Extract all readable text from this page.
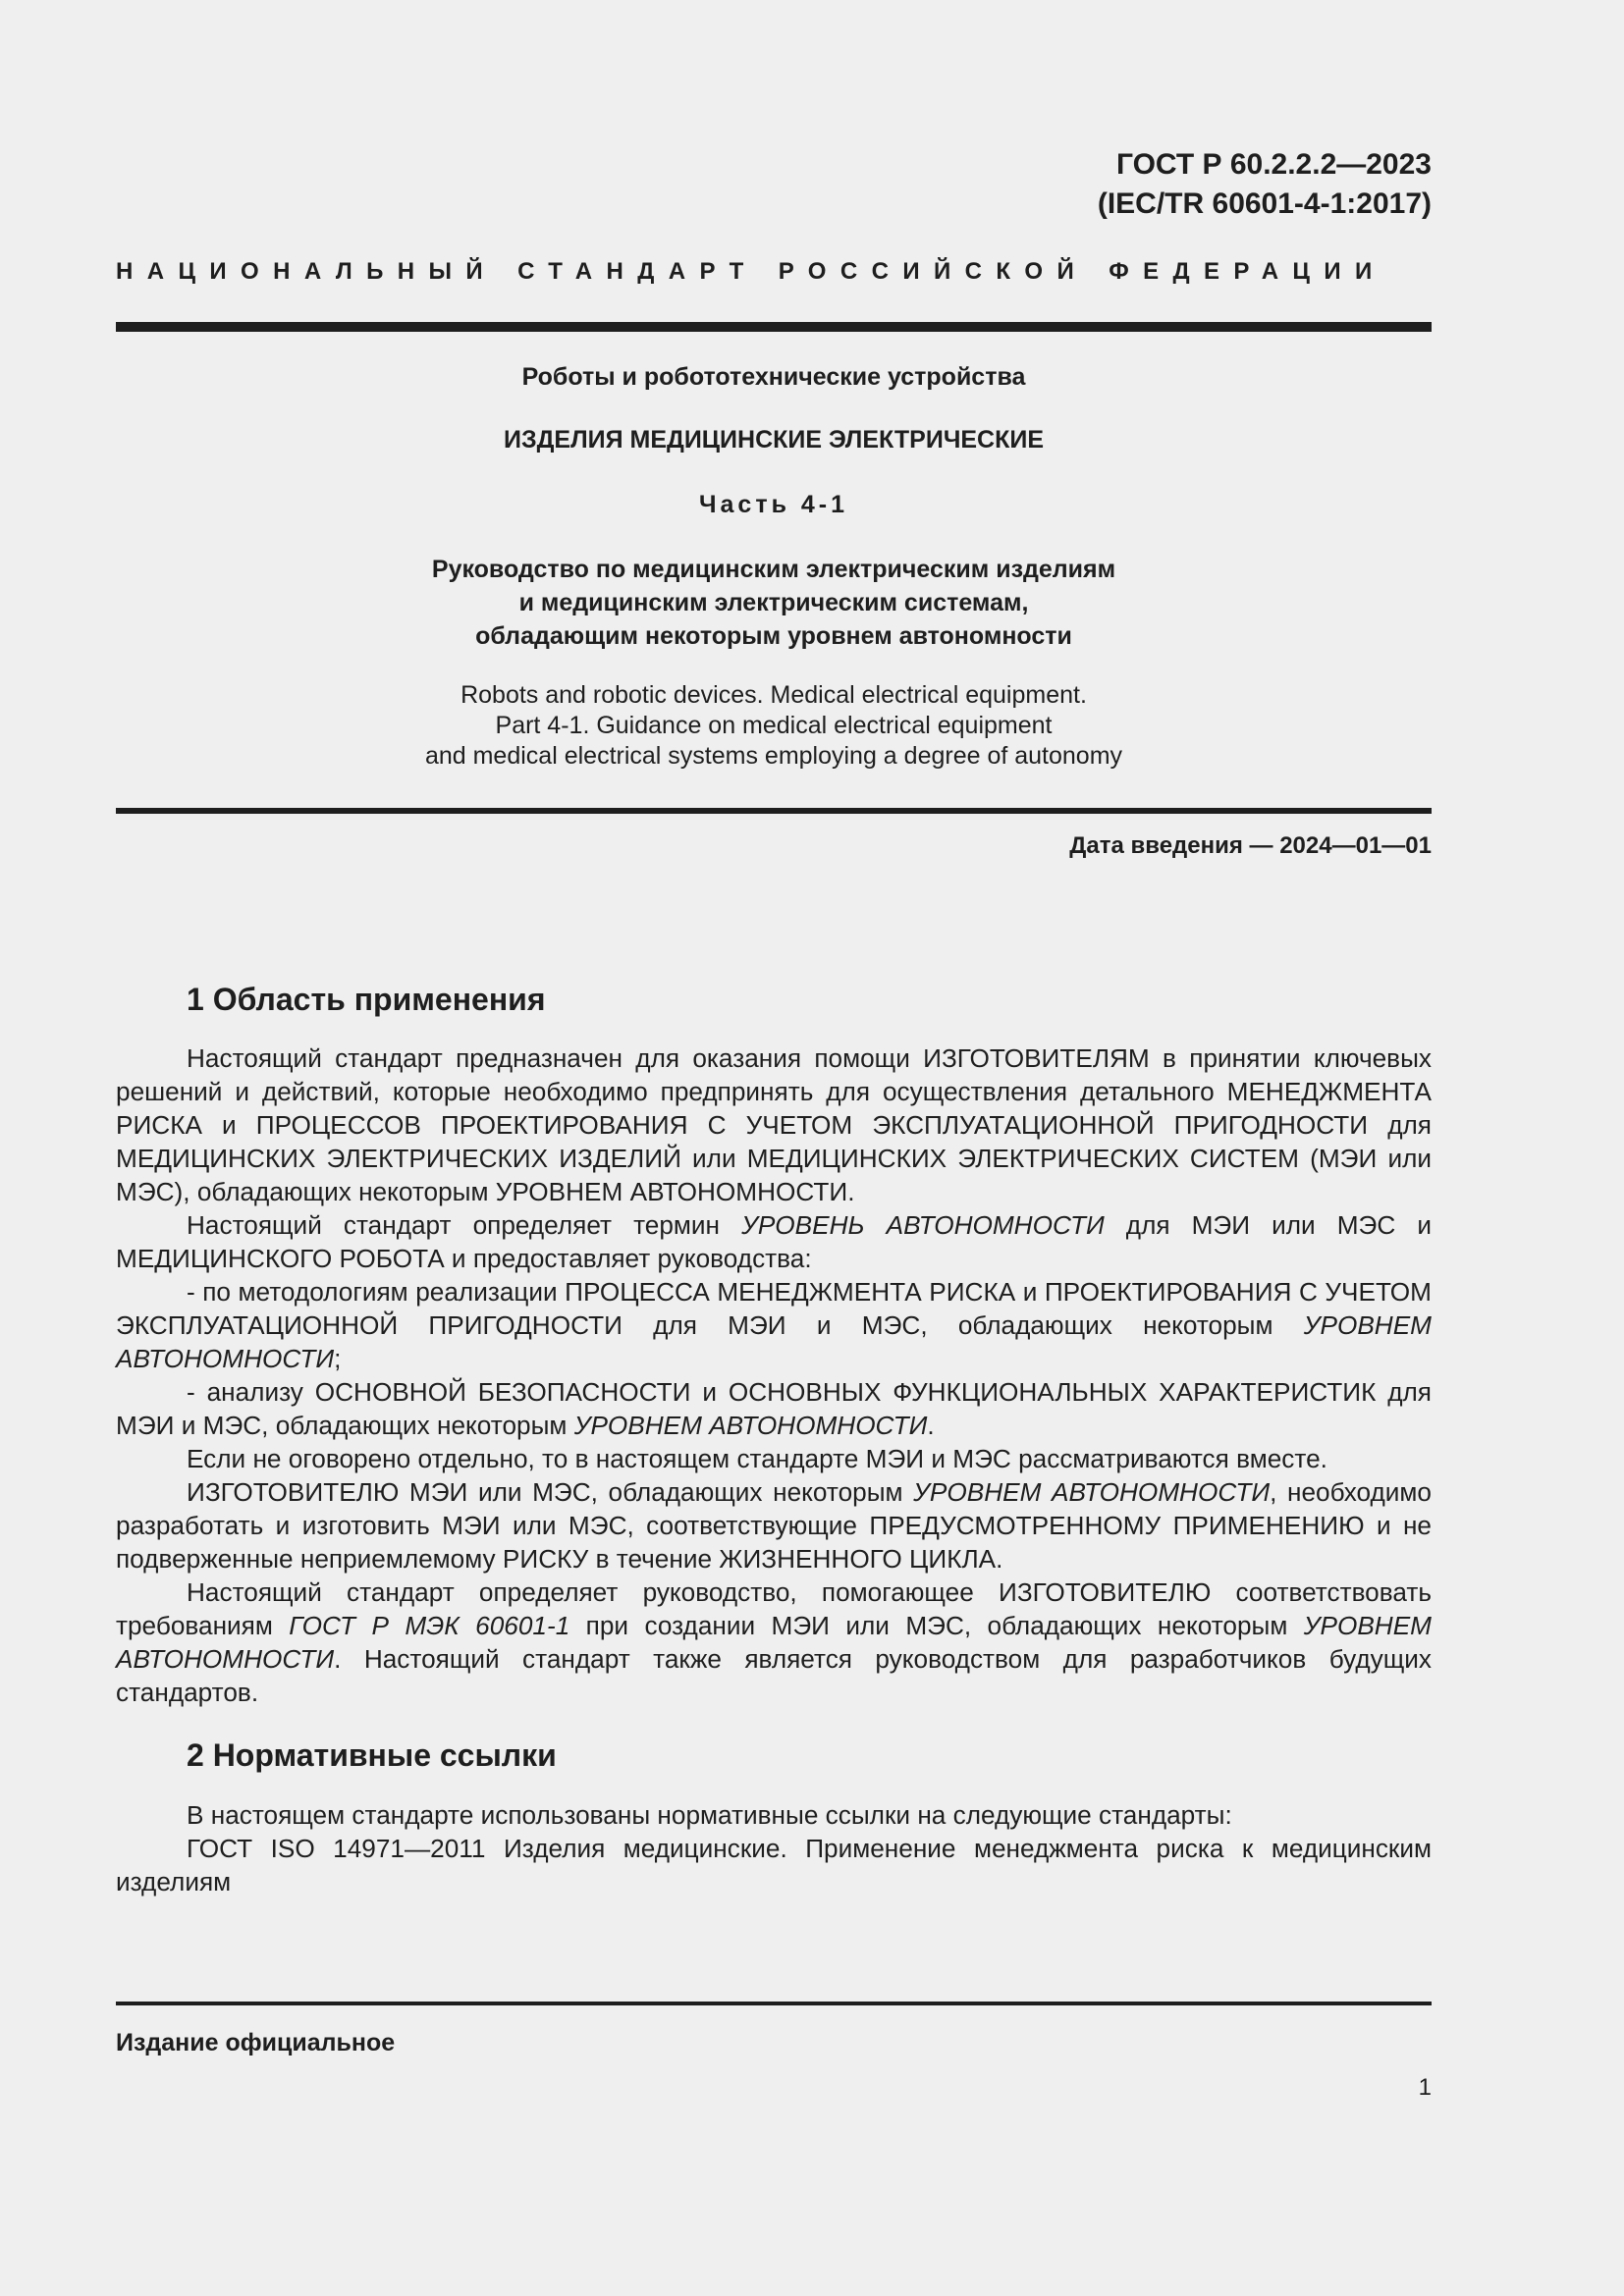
ГОСТ Р 60.2.2.2—2023
(IEC/TR 60601-4-1:2017)
НАЦИОНАЛЬНЫЙ СТАНДАРТ РОССИЙСКОЙ ФЕДЕРАЦИИ
Роботы и робототехнические устройства
ИЗДЕЛИЯ МЕДИЦИНСКИЕ ЭЛЕКТРИЧЕСКИЕ
Часть 4-1
Руководство по медицинским электрическим изделиям
и медицинским электрическим системам,
обладающим некоторым уровнем автономности
Robots and robotic devices. Medical electrical equipment.
Part 4-1. Guidance on medical electrical equipment
and medical electrical systems employing a degree of autonomy
Дата введения — 2024—01—01
1 Область применения

Настоящий стандарт предназначен для оказания помощи ИЗГОТОВИТЕЛЯМ в принятии ключевых решений и действий, которые необходимо предпринять для осуществления детального МЕНЕДЖМЕНТА РИСКА и ПРОЦЕССОВ ПРОЕКТИРОВАНИЯ С УЧЕТОМ ЭКСПЛУАТАЦИОННОЙ ПРИГОДНОСТИ для МЕДИЦИНСКИХ ЭЛЕКТРИЧЕСКИХ ИЗДЕЛИЙ или МЕДИЦИНСКИХ ЭЛЕКТРИЧЕСКИХ СИСТЕМ (МЭИ или МЭС), обладающих некоторым УРОВНЕМ АВТОНОМНОСТИ.

Настоящий стандарт определяет термин УРОВЕНЬ АВТОНОМНОСТИ для МЭИ или МЭС и МЕДИЦИНСКОГО РОБОТА и предоставляет руководства:

- по методологиям реализации ПРОЦЕССА МЕНЕДЖМЕНТА РИСКА и ПРОЕКТИРОВАНИЯ С УЧЕТОМ ЭКСПЛУАТАЦИОННОЙ ПРИГОДНОСТИ для МЭИ и МЭС, обладающих некоторым УРОВНЕМ АВТОНОМНОСТИ;

- анализу ОСНОВНОЙ БЕЗОПАСНОСТИ и ОСНОВНЫХ ФУНКЦИОНАЛЬНЫХ ХАРАКТЕРИСТИК для МЭИ и МЭС, обладающих некоторым УРОВНЕМ АВТОНОМНОСТИ.

Если не оговорено отдельно, то в настоящем стандарте МЭИ и МЭС рассматриваются вместе.

ИЗГОТОВИТЕЛЮ МЭИ или МЭС, обладающих некоторым УРОВНЕМ АВТОНОМНОСТИ, необходимо разработать и изготовить МЭИ или МЭС, соответствующие ПРЕДУСМОТРЕННОМУ ПРИМЕНЕНИЮ и не подверженные неприемлемому РИСКУ в течение ЖИЗНЕННОГО ЦИКЛА.

Настоящий стандарт определяет руководство, помогающее ИЗГОТОВИТЕЛЮ соответствовать требованиям ГОСТ Р МЭК 60601-1 при создании МЭИ или МЭС, обладающих некоторым УРОВНЕМ АВТОНОМНОСТИ. Настоящий стандарт также является руководством для разработчиков будущих стандартов.

2 Нормативные ссылки

В настоящем стандарте использованы нормативные ссылки на следующие стандарты:

ГОСТ ISO 14971—2011 Изделия медицинские. Применение менеджмента риска к медицинским изделиям

Издание официальное
1
